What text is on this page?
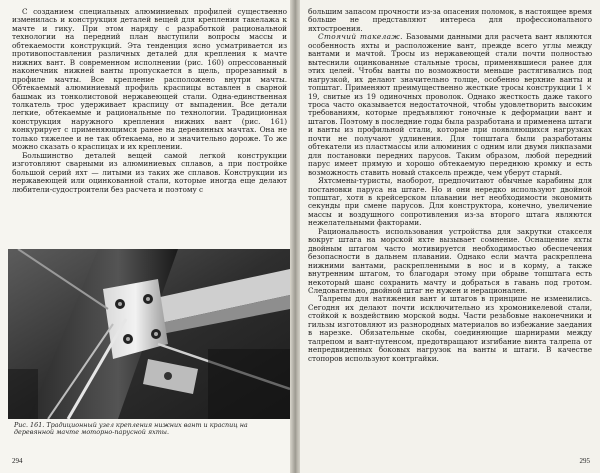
С созданием специальных алюминиевых профилей существенно изменилась и конструкция деталей вещей для крепления такелажа к мачте и гику. При этом наряду с разработкой рациональной технологии на передний план выступили вопросы массы и обтекаемости конструкций. Эта тенденция ясно усматривается из противопоставления различных деталей для крепления к мачте нижних вант. В современном исполнении (рис. 160) опрессованный наконечник нижней ванты пропускается в щель, прорезанный в профиле мачты. Все крепление расположено внутри мачты. Обтекаемый алюминиевый профиль краспицы вставлен в сварной башмак из тонколистовой нержавеющей стали. Одна-единственная толкатель трос удерживает краспицу от выпадения. Все детали легкие, обтекаемые и рациональные по технологии. Традиционная конструкция наружного крепления нижних вант (рис. 161) конкурирует с применяющимся ранее на деревянных мачтах. Она не только тяжелее и не так обтекаема, но и значительно дороже. То же можно сказать о краспицах и их креплении.

Большинство деталей вещей самой легкой конструкции изготовляют сварными из алюминиевых сплавов, а при постройке большой серий яхт — литыми из таких же сплавов. Конструкции из нержавеющей или оцинкованной стали, которые иногда еще делают любители-судостроители без расчета и поэтому с

Рис. 161. Традиционный узел крепления нижних вант и краспиц на деревянной мачте моторно-парусной яхты.

294

большим запасом прочности из-за опасения поломок, в настоящее время больше не представляют интереса для профессионального яхтостроения.

Стоячий такелаж. Базовыми данными для расчета вант являются особенность яхты и расположение вант, прежде всего углы между вантами и мачтой. Тросы из нержавеющей стали почти полностью вытеснили оцинкованные стальные тросы, применявшиеся ранее для этих целей. Чтобы ванты по возможности меньше растягивались под нагрузкой, их делают значительно толще, особенно верхние ванты и топштаг. Применяют преимущественно жесткие тросы конструкции 1 × 19, свитые из 19 одиночных проволок. Однако жесткость даже такого троса часто оказывается недостаточной, чтобы удовлетворить высоким требованиям, которые предъявляют гоночные к деформации вант и штагов. Поэтому в последние годы была разработана и применена штаги и ванты из профильной стали, которые при появляющихся нагрузках почти не получают удлинения. Для топштага были разработаны обтекатели из пластмассы или алюминия с одним или двумя ликпазами для постановки передних парусов. Таким образом, любой передний парус имеет прямую и хорошо обтекаемую переднюю кромку и есть возможность ставить новый стаксель прежде, чем уберут старый.

Яхтсмены-туристы, наоборот, предпочитают обычные карабины для постановки паруса на штаге. Но и они нередко используют двойной топштаг, хотя в крейсерском плавании нет необходимости экономить секунды при смене парусов. Для конструктора, конечно, увеличение массы и воздушного сопротивления из-за второго штага являются нежелательными факторами.

Рациональность использования устройства для закрутки стакселя вокруг штага на морской яхте вызывает сомнение. Оснащение яхты двойным штагом часто мотивируется необходимостью обеспечения безопасности в дальнем плавании. Однако если мачта раскреплена нижними вантами, раскрепленными в нос и в корму, а также внутренним штагом, то благодаря этому при обрыве топштага есть некоторый шанс сохранить мачту и добраться в гавань под гротом. Следовательно, двойной штаг не нужен и нерационален.

Талрепы для натяжения вант и штагов в принципе не изменились. Сегодня их делают почти исключительно из хромоникелевой стали, стойкой к воздействию морской воды. Части резьбовые наконечники и гильзы изготовляют из разнородных материалов во избежание заедания в нарезке. Обязательные скобы, соединяющие шарнирами между талрепом и вант-путенсом, предотвращают изгибание винта талрепа от непредвиденных боковых нагрузок на ванты и штаги. В качестве стопоров используют контргайки.

295
